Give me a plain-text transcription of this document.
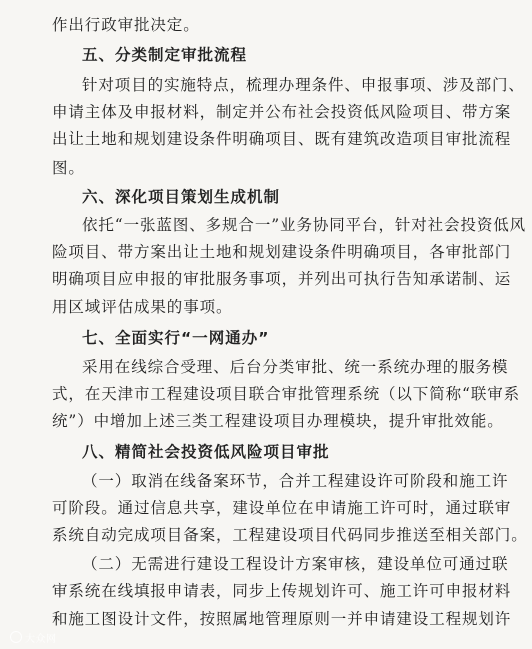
作出行政审批决定。
五、分类制定审批流程
针对项目的实施特点，梳理办理条件、申报事项、涉及部门、
申请主体及申报材料，制定并公布社会投资低风险项目、带方案
出让土地和规划建设条件明确项目、既有建筑改造项目审批流程
图。
六、深化项目策划生成机制
依托“一张蓝图、多规合一”业务协同平台，针对社会投资低风
险项目、带方案出让土地和规划建设条件明确项目，各审批部门
明确项目应申报的审批服务事项，并列出可执行告知承诺制、运
用区域评估成果的事项。
七、全面实行“一网通办”
采用在线综合受理、后台分类审批、统一系统办理的服务模
式，在天津市工程建设项目联合审批管理系统（以下简称“联审系
统”）中增加上述三类工程建设项目办理模块，提升审批效能。
八、精简社会投资低风险项目审批
（一）取消在线备案环节，合并工程建设许可阶段和施工许
可阶段。通过信息共享，建设单位在申请施工许可时，通过联审
系统自动完成项目备案，工程建设项目代码同步推送至相关部门。
（二）无需进行建设工程设计方案审核，建设单位可通过联
审系统在线填报申请表，同步上传规划许可、施工许可申报材料
和施工图设计文件，按照属地管理原则一并申请建设工程规划许
大众网
